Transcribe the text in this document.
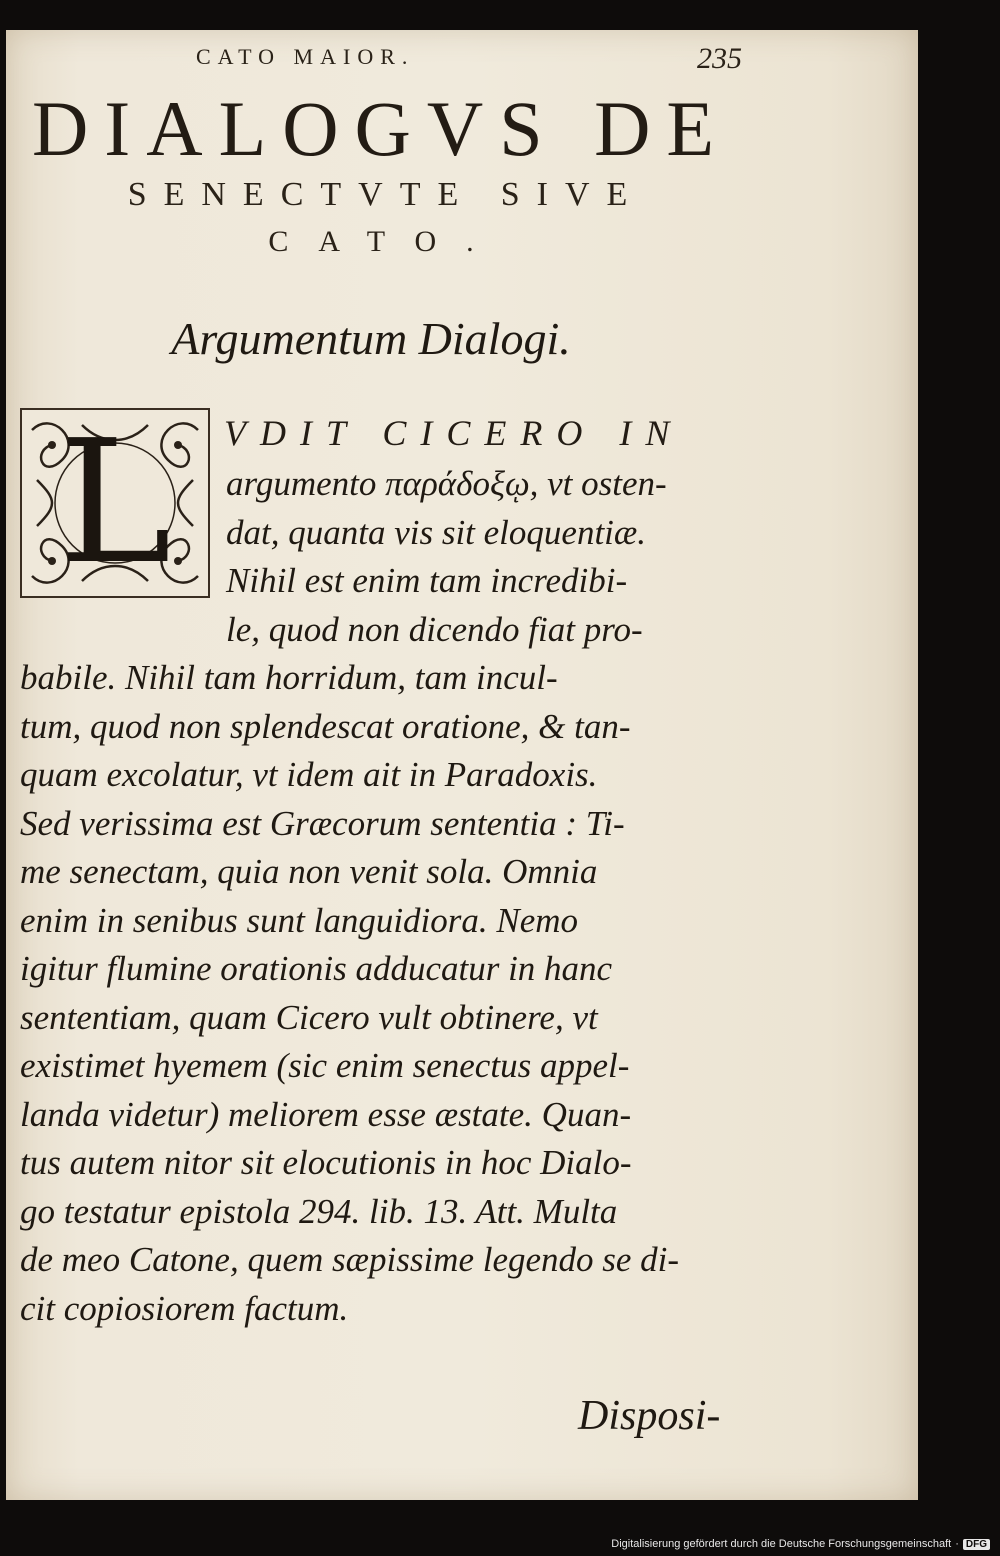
CATO MAIOR.	235
DIALOGVS DE
SENECTVTE SIVE
CATO.
Argumentum Dialogi.
L	VDIT CICERO IN
argumento παράδοξῳ, vt osten-
dat, quanta vis sit eloquentiæ.
Nihil est enim tam incredibi-
le, quod non dicendo fiat pro-
babile. Nihil tam horridum, tam incul-
tum, quod non splendescat oratione, & tan-
quam excolatur, vt idem ait in Paradoxis.
Sed verissima est Græcorum sententia : Ti-
me senectam, quia non venit sola. Omnia
enim in senibus sunt languidiora. Nemo
igitur flumine orationis adducatur in hanc
sententiam, quam Cicero vult obtinere, vt
existimet hyemem (sic enim senectus appel-
landa videtur) meliorem esse æstate. Quan-
tus autem nitor sit elocutionis in hoc Dialo-
go testatur epistola 294. lib. 13. Att. Multa
de meo Catone, quem sæpissime legendo se di-
cit copiosiorem factum.
Disposi-
Digitalisierung gefördert durch die Deutsche Forschungsgemeinschaft · DFG
